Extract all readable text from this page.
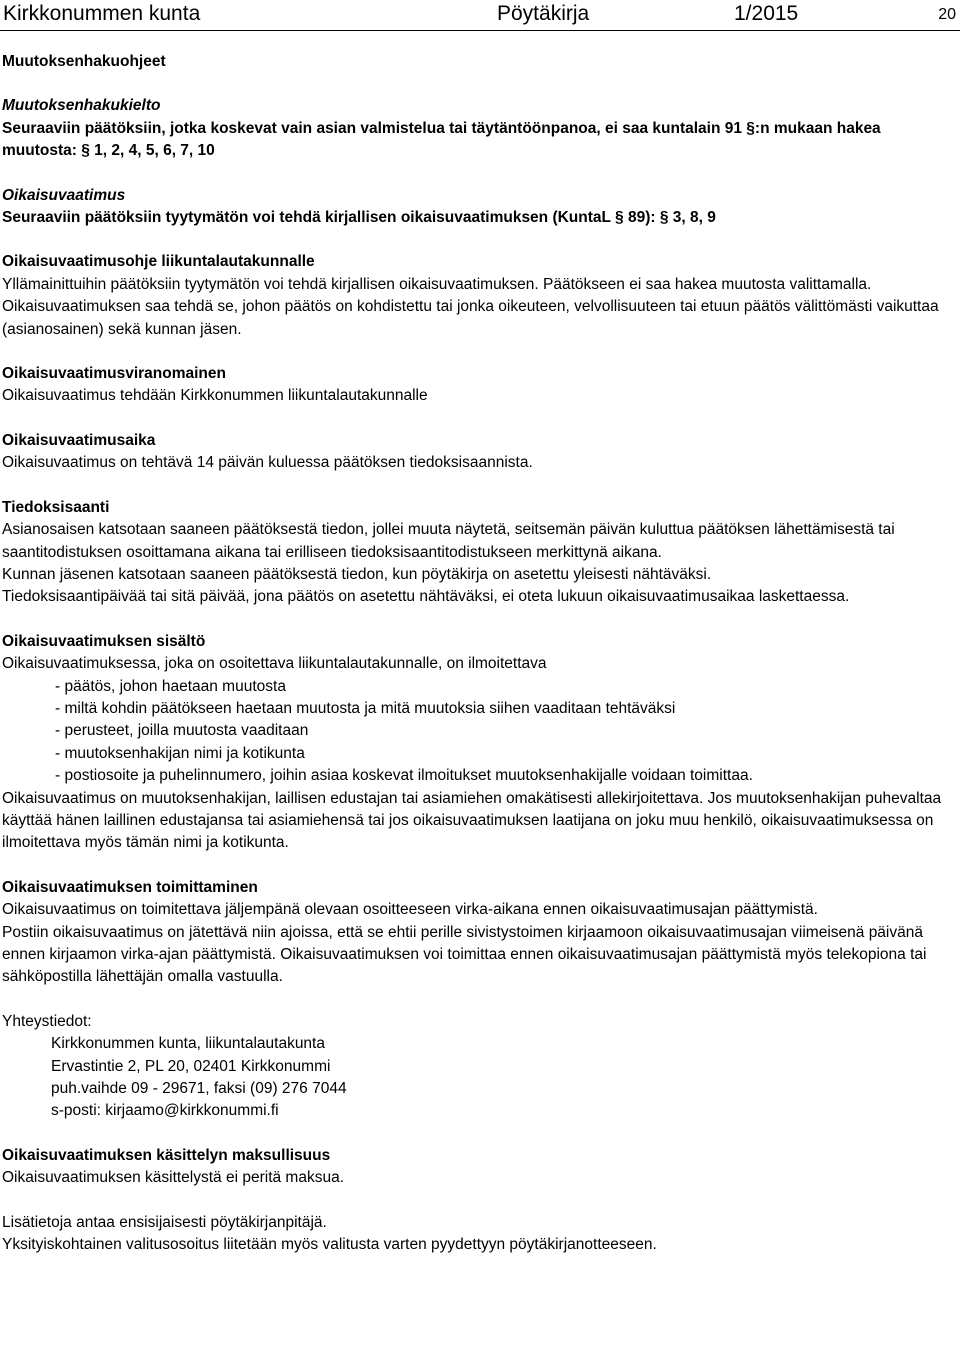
Kirkkonummen kunta	Pöytäkirja	1/2015	20

Muutoksenhakuohjeet

Muutoksenhakukielto

Seuraaviin päätöksiin, jotka koskevat vain asian valmistelua tai täytäntöönpanoa, ei saa kuntalain 91 §:n mukaan hakea muutosta: § 1, 2, 4, 5, 6, 7, 10

Oikaisuvaatimus

Seuraaviin päätöksiin tyytymätön voi tehdä kirjallisen oikaisuvaatimuksen (KuntaL § 89): § 3, 8, 9

Oikaisuvaatimusohje liikuntalautakunnalle

Yllämainittuihin päätöksiin tyytymätön voi tehdä kirjallisen oikaisuvaatimuksen. Päätökseen ei saa hakea muutosta valittamalla.

Oikaisuvaatimuksen saa tehdä se, johon päätös on kohdistettu tai jonka oikeuteen, velvollisuuteen tai etuun päätös välittömästi vaikuttaa (asianosainen) sekä kunnan jäsen.

Oikaisuvaatimusviranomainen

Oikaisuvaatimus tehdään Kirkkonummen liikuntalautakunnalle

Oikaisuvaatimusaika

Oikaisuvaatimus on tehtävä 14 päivän kuluessa päätöksen tiedoksisaannista.

Tiedoksisaanti

Asianosaisen katsotaan saaneen päätöksestä tiedon, jollei muuta näytetä, seitsemän päivän kuluttua päätöksen lähettämisestä tai saantitodistuksen osoittamana aikana tai erilliseen tiedoksisaantitodistukseen merkittynä aikana.

Kunnan jäsenen katsotaan saaneen päätöksestä tiedon, kun pöytäkirja on asetettu yleisesti nähtäväksi.

Tiedoksisaantipäivää tai sitä päivää, jona päätös on asetettu nähtäväksi, ei oteta lukuun oikaisuvaatimusaikaa laskettaessa.

Oikaisuvaatimuksen sisältö

Oikaisuvaatimuksessa, joka on osoitettava liikuntalautakunnalle, on ilmoitettava

- päätös, johon haetaan muutosta
- miltä kohdin päätökseen haetaan muutosta ja mitä muutoksia siihen vaaditaan tehtäväksi
- perusteet, joilla muutosta vaaditaan
- muutoksenhakijan nimi ja kotikunta
- postiosoite ja puhelinnumero, joihin asiaa koskevat ilmoitukset muutoksenhakijalle voidaan toimittaa.

Oikaisuvaatimus on muutoksenhakijan, laillisen edustajan tai asiamiehen omakätisesti allekirjoitettava. Jos muutoksenhakijan puhevaltaa käyttää hänen laillinen edustajansa tai asiamiehensä tai jos oikaisuvaatimuksen laatijana on joku muu henkilö, oikaisuvaatimuksessa on ilmoitettava myös tämän nimi ja kotikunta.

Oikaisuvaatimuksen toimittaminen

Oikaisuvaatimus on toimitettava jäljempänä olevaan osoitteeseen virka-aikana ennen oikaisuvaatimusajan päättymistä.

Postiin oikaisuvaatimus on jätettävä niin ajoissa, että se ehtii perille sivistystoimen kirjaamoon oikaisuvaatimusajan viimeisenä päivänä ennen kirjaamon virka-ajan päättymistä. Oikaisuvaatimuksen voi toimittaa ennen oikaisuvaatimusajan päättymistä myös telekopiona tai sähköpostilla lähettäjän omalla vastuulla.

Yhteystiedot:

Kirkkonummen kunta, liikuntalautakunta

Ervastintie 2, PL 20, 02401 Kirkkonummi

puh.vaihde 09 - 29671, faksi (09) 276 7044

s-posti: kirjaamo@kirkkonummi.fi

Oikaisuvaatimuksen käsittelyn maksullisuus

Oikaisuvaatimuksen käsittelystä ei peritä maksua.

Lisätietoja antaa ensisijaisesti pöytäkirjanpitäjä.

Yksityiskohtainen valitusosoitus liitetään myös valitusta varten pyydettyyn pöytäkirjanotteeseen.
